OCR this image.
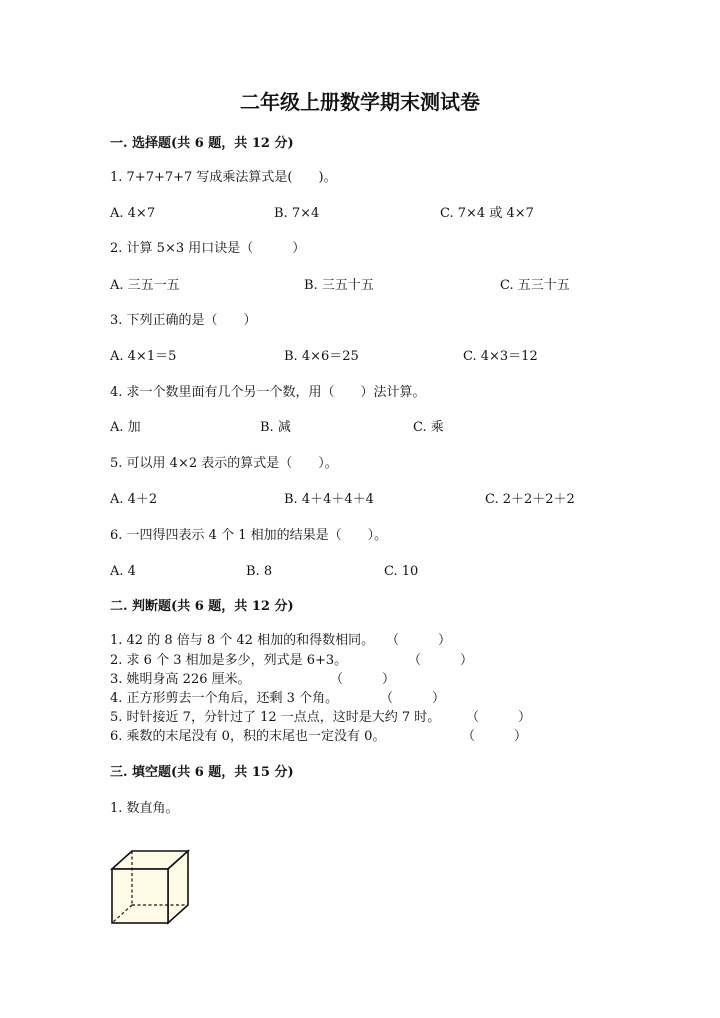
二年级上册数学期末测试卷
一. 选择题(共 6 题，共 12 分)
1. 7+7+7+7 写成乘法算式是(　　)。
A. 4×7	B. 7×4	C. 7×4 或 4×7
2. 计算 5×3 用口诀是（　　　）
A. 三五一五	B. 三五十五	C. 五三十五
3. 下列正确的是（　　）
A. 4×1＝5	B. 4×6＝25	C. 4×3＝12
4. 求一个数里面有几个另一个数，用（　　）法计算。
A. 加	B. 减	C. 乘
5. 可以用 4×2 表示的算式是（　　）。
A. 4＋2	B. 4＋4＋4＋4	C. 2＋2＋2＋2
6. 一四得四表示 4 个 1 相加的结果是（　　）。
A. 4	B. 8	C. 10
二. 判断题(共 6 题，共 12 分)
1. 42 的 8 倍与 8 个 42 相加的和得数相同。 （　　　）
2. 求 6 个 3 相加是多少，列式是 6+3。	（　　　）
3. 姚明身高 226 厘米。	（　　　）
4. 正方形剪去一个角后，还剩 3 个角。	（　　　）
5. 时针接近 7，分针过了 12 一点点，这时是大约 7 时。 （　　　）
6. 乘数的末尾没有 0，积的末尾也一定没有 0。	（　　　）
三. 填空题(共 6 题，共 15 分)
1. 数直角。
